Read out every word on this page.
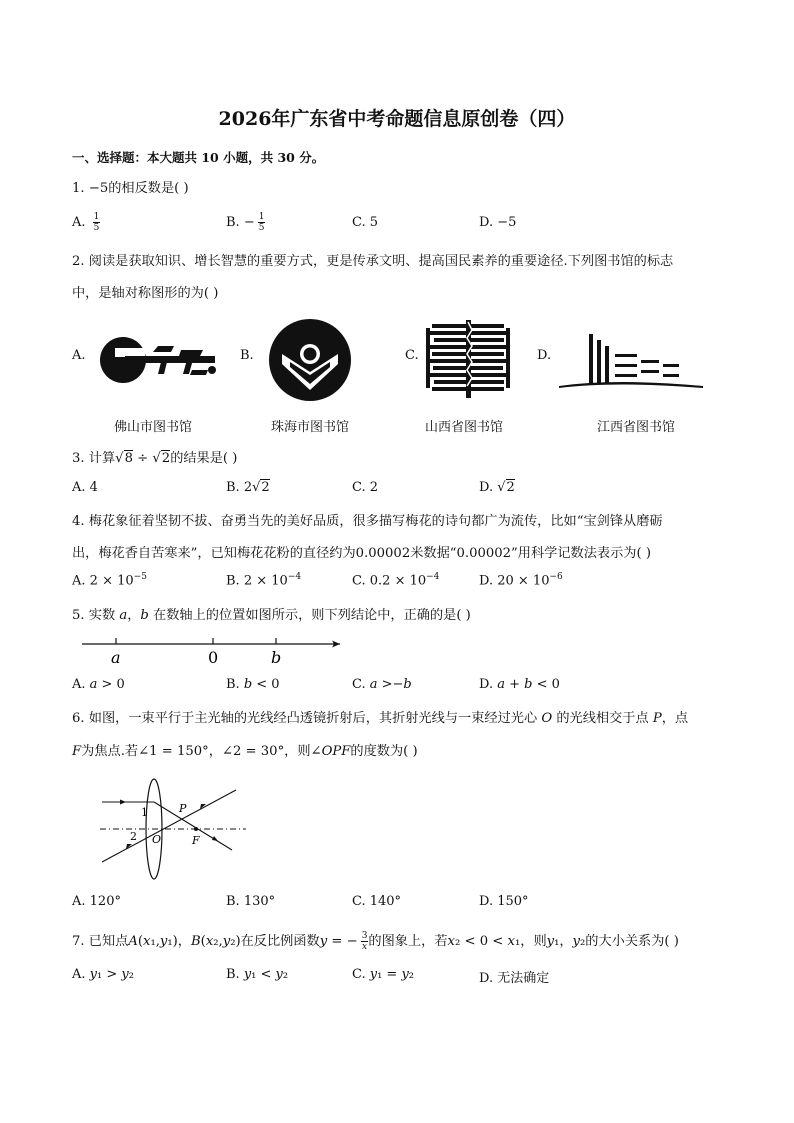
2026年广东省中考命题信息原创卷（四）
一、选择题：本大题共 10 小题，共 30 分。
1. −5的相反数是( )
A. $\frac{1}{5}$	B. − $\frac{1}{5}$	C. 5	D. −5
2. 阅读是获取知识、增长智慧的重要方式，更是传承文明、提高国民素养的重要途径.下列图书馆的标志
中，是轴对称图形的为( )
A.	B.	C.	D.
佛山市图书馆	珠海市图书馆	山西省图书馆	江西省图书馆
3. 计算√8 ÷ √2的结果是( )
A. 4	B. 2√2	C. 2	D. √2
4. 梅花象征着坚韧不拔、奋勇当先的美好品质，很多描写梅花的诗句都广为流传，比如“宝剑锋从磨砺
出，梅花香自苦寒来”，已知梅花花粉的直径约为0.00002米数据“0.00002”用科学记数法表示为( )
A. $2 \times 10^{-5}$	B. $2 \times 10^{-4}$	C. $0.2 \times 10^{-4}$	D. $20 \times 10^{-6}$
5. 实数 𝑎，𝑏 在数轴上的位置如图所示，则下列结论中，正确的是( )
a	0	b
A. 𝑎 > 0	B. 𝑏 < 0	C. 𝑎 >−𝑏	D. 𝑎 + 𝑏 < 0
6. 如图，一束平行于主光轴的光线经凸透镜折射后，其折射光线与一束经过光心 𝑂 的光线相交于点 𝑃，点
𝐹为焦点.若∠1 = 150°，∠2 = 30°，则∠𝑂𝑃𝐹的度数为( )
1
2 O
P
F
A. 120°	B. 130°	C. 140°	D. 150°
7. 已知点𝐴(𝑥₁,𝑦₁)，𝐵(𝑥₂,𝑦₂)在反比例函数𝑦 = − $\frac{3}{\text{𝑥}}$ 的图象上，若𝑥₂ < 0 < 𝑥₁，则𝑦₁，𝑦₂的大小关系为( )
A. 𝑦₁ > 𝑦₂	B. 𝑦₁ < 𝑦₂	C. 𝑦₁ = 𝑦₂	D. 无法确定
